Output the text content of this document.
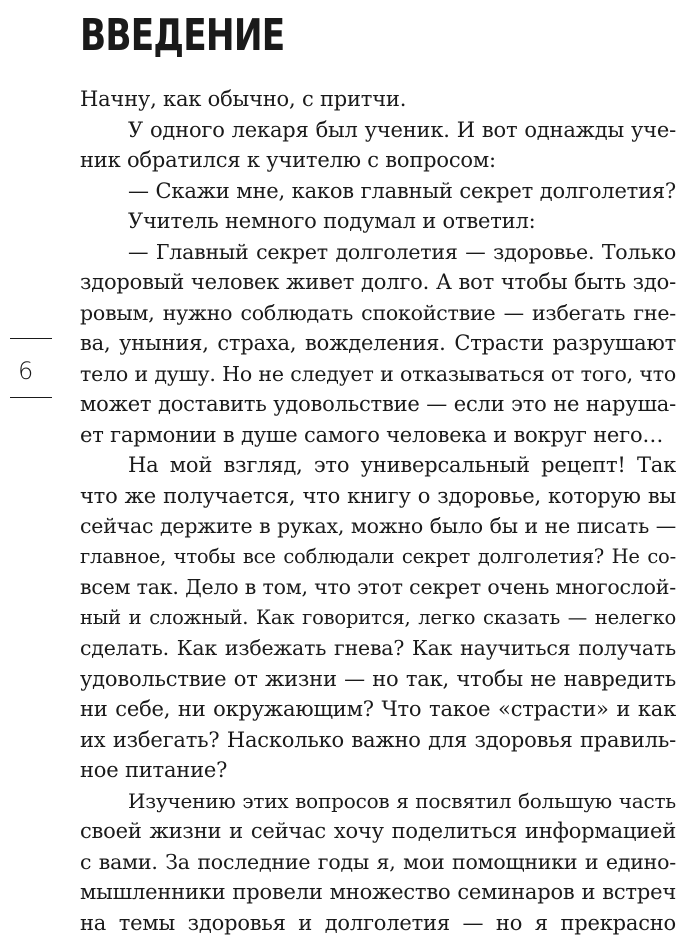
ВВЕДЕНИЕ
6
Начну, как обычно, с притчи.
У одного лекаря был ученик. И вот однажды уче-
ник обратился к учителю с вопросом:
— Скажи мне, каков главный секрет долголетия?
Учитель немного подумал и ответил:
— Главный секрет долголетия — здоровье. Только
здоровый человек живет долго. А вот чтобы быть здо-
ровым, нужно соблюдать спокойствие — избегать гне-
ва, уныния, страха, вожделения. Страсти разрушают
тело и душу. Но не следует и отказываться от того, что
может доставить удовольствие — если это не наруша-
ет гармонии в душе самого человека и вокруг него…
На мой взгляд, это универсальный рецепт! Так
что же получается, что книгу о здоровье, которую вы
сейчас держите в руках, можно было бы и не писать —
главное, чтобы все соблюдали секрет долголетия? Не со-
всем так. Дело в том, что этот секрет очень многослой-
ный и сложный. Как говорится, легко сказать — нелегко
сделать. Как избежать гнева? Как научиться получать
удовольствие от жизни — но так, чтобы не навредить
ни себе, ни окружающим? Что такое «страсти» и как
их избегать? Насколько важно для здоровья правиль-
ное питание?
Изучению этих вопросов я посвятил большую часть
своей жизни и сейчас хочу поделиться информацией
с вами. За последние годы я, мои помощники и едино-
мышленники провели множество семинаров и встреч
на темы здоровья и долголетия — но я прекрасно
